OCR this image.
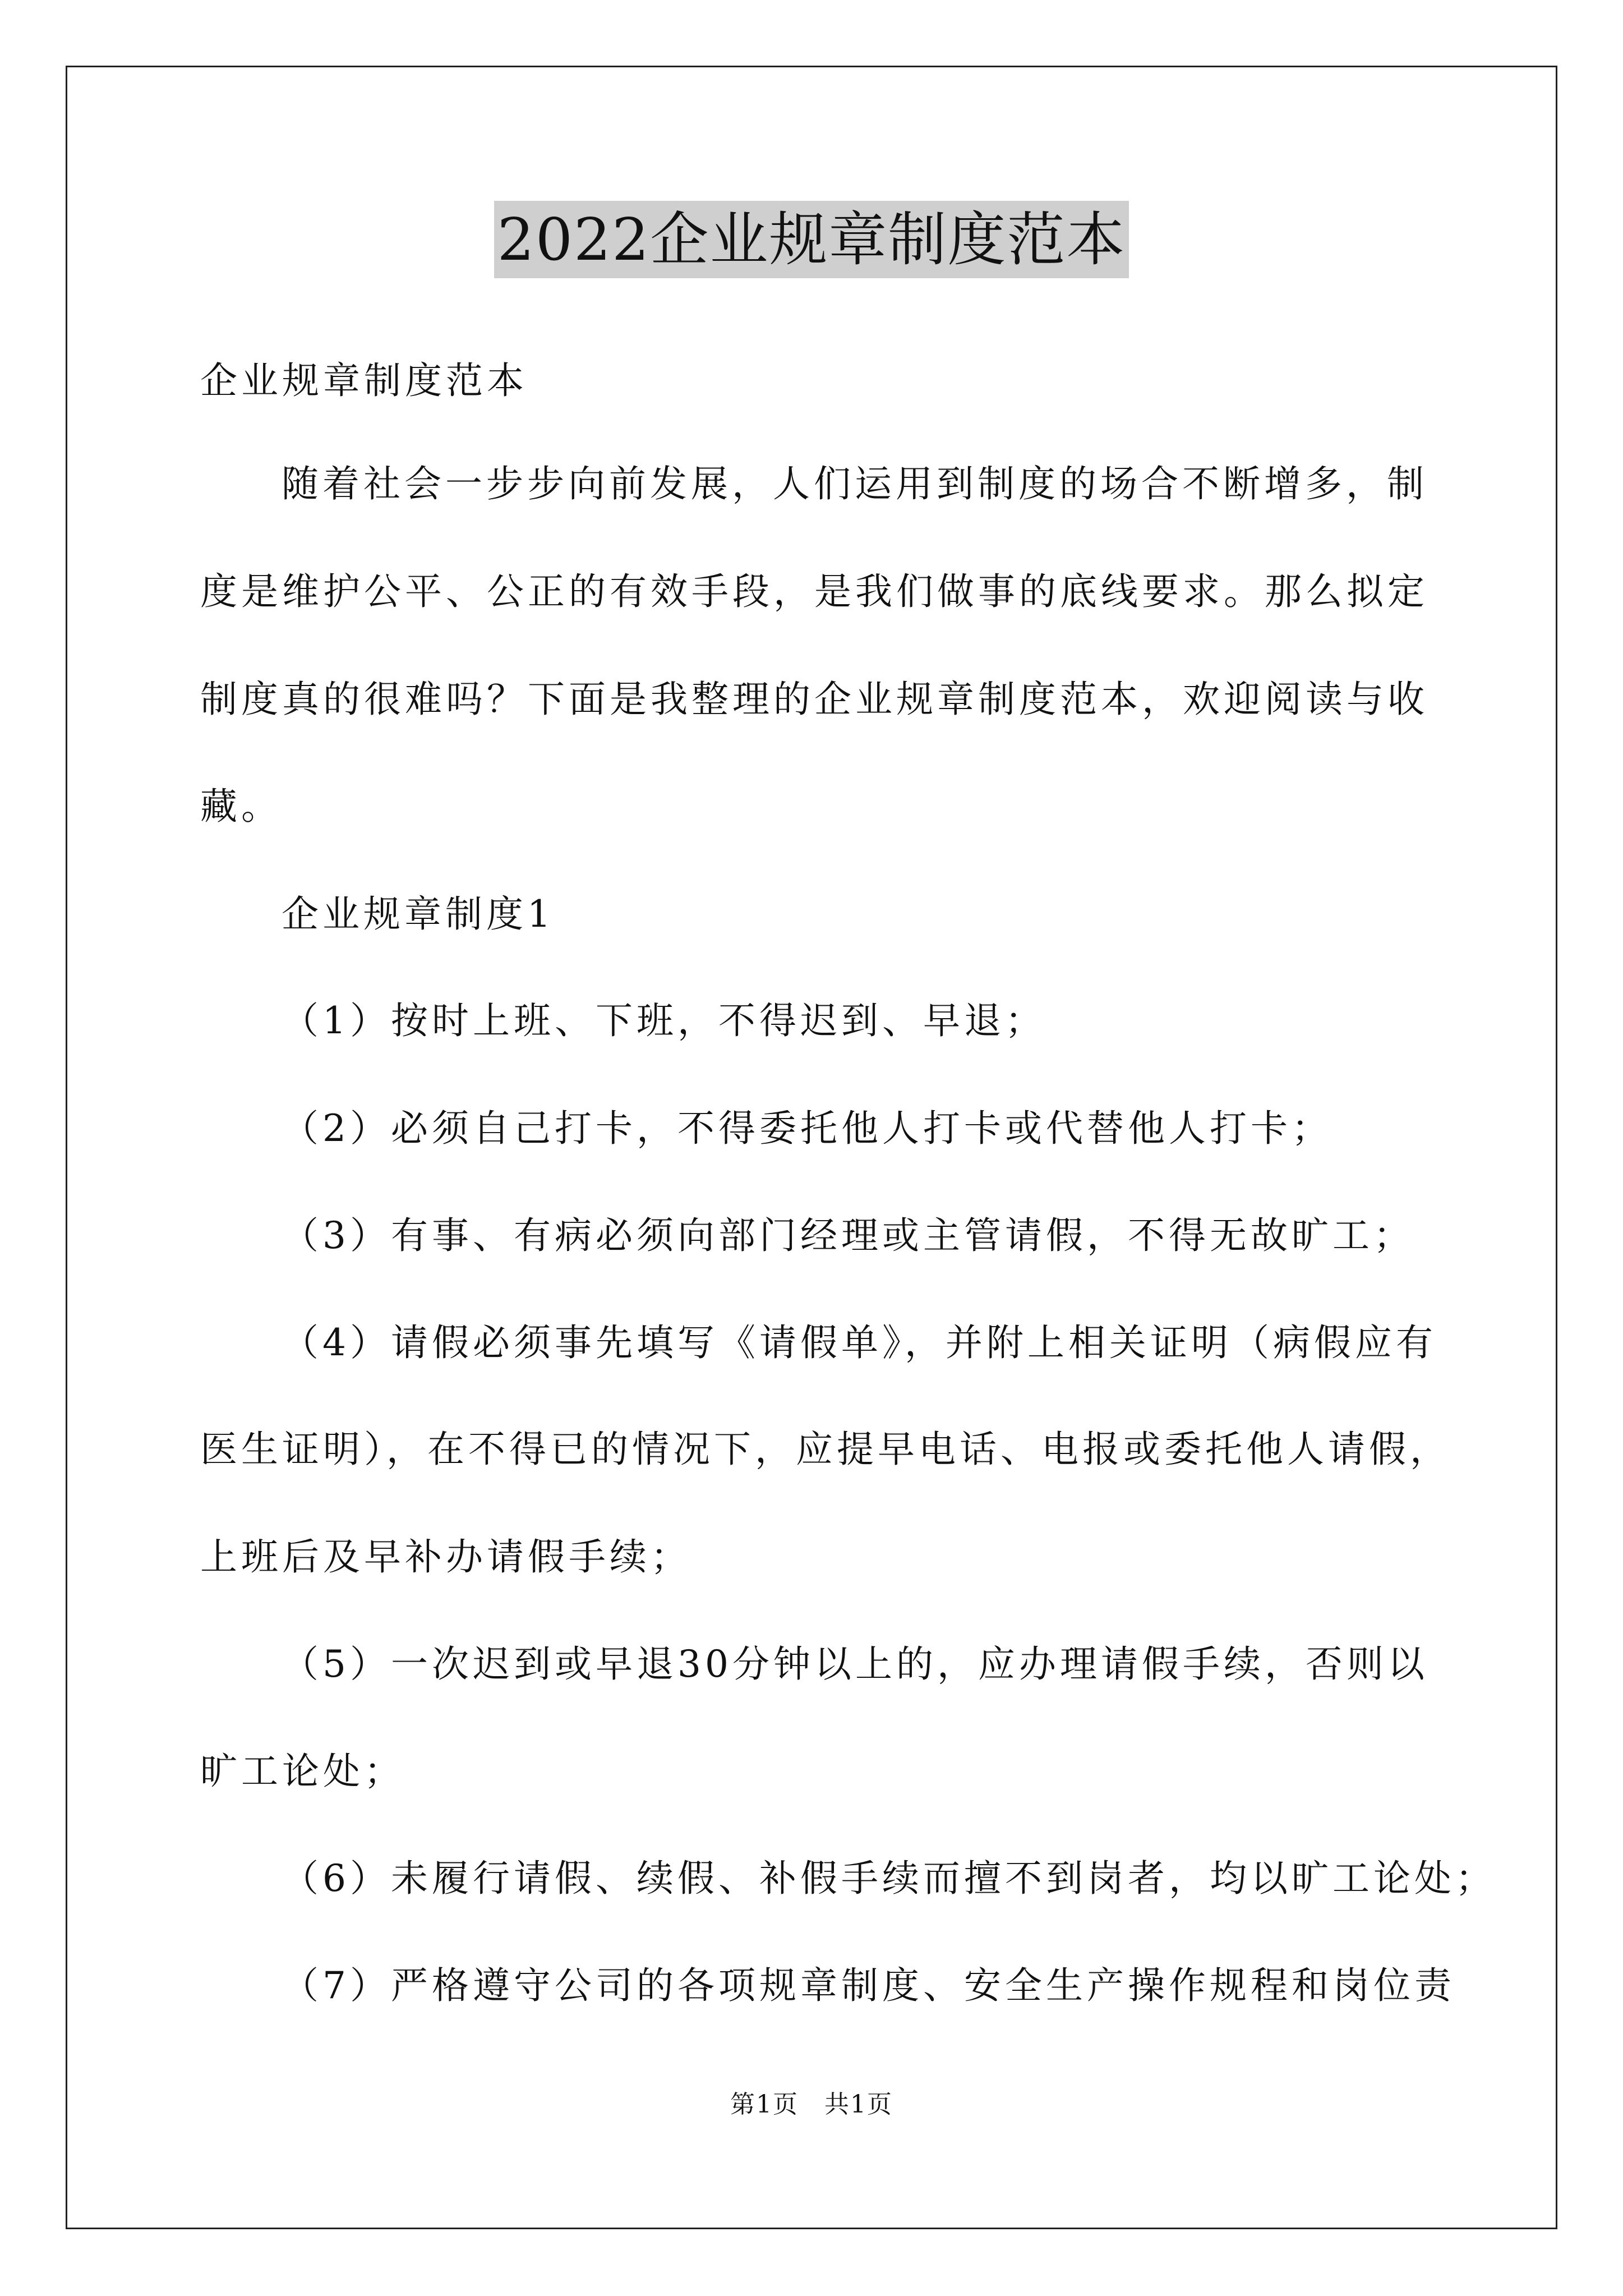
2022企业规章制度范本
企业规章制度范本
随着社会一步步向前发展，人们运用到制度的场合不断增多，制
度是维护公平、公正的有效手段，是我们做事的底线要求。那么拟定
制度真的很难吗？下面是我整理的企业规章制度范本，欢迎阅读与收
藏。
企业规章制度1
（1）按时上班、下班，不得迟到、早退；
（2）必须自己打卡，不得委托他人打卡或代替他人打卡；
（3）有事、有病必须向部门经理或主管请假，不得无故旷工；
（4）请假必须事先填写《请假单》，并附上相关证明（病假应有
医生证明），在不得已的情况下，应提早电话、电报或委托他人请假，
上班后及早补办请假手续；
（5）一次迟到或早退30分钟以上的，应办理请假手续，否则以
旷工论处；
（6）未履行请假、续假、补假手续而擅不到岗者，均以旷工论处；
（7）严格遵守公司的各项规章制度、安全生产操作规程和岗位责
第1页　共1页
